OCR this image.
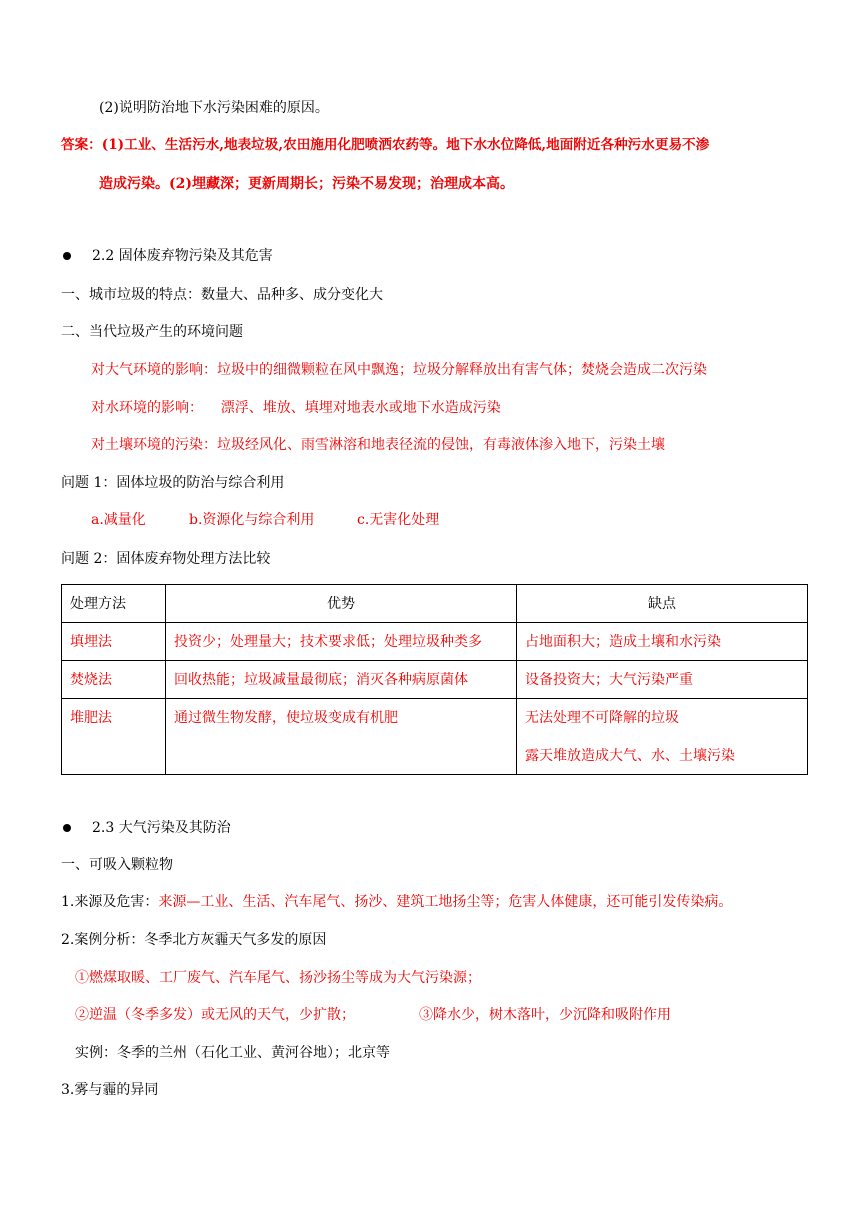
(2)说明防治地下水污染困难的原因。
答案：(1)工业、生活污水,地表垃圾,农田施用化肥喷洒农药等。地下水水位降低,地面附近各种污水更易不渗
造成污染。(2)埋藏深；更新周期长；污染不易发现；治理成本高。
2.2 固体废弃物污染及其危害
一、城市垃圾的特点：数量大、品种多、成分变化大
二、当代垃圾产生的环境问题
对大气环境的影响：垃圾中的细微颗粒在风中飘逸；垃圾分解释放出有害气体；焚烧会造成二次污染
对水环境的影响：    漂浮、堆放、填埋对地表水或地下水造成污染
对土壤环境的污染：垃圾经风化、雨雪淋溶和地表径流的侵蚀，有毒液体渗入地下，污染土壤
问题 1：固体垃圾的防治与综合利用
a.减量化	b.资源化与综合利用	c.无害化处理
问题 2：固体废弃物处理方法比较
处理方法	优势	缺点
填埋法	投资少；处理量大；技术要求低；处理垃圾种类多	占地面积大；造成土壤和水污染
焚烧法	回收热能；垃圾减量最彻底；消灭各种病原菌体	设备投资大；大气污染严重
堆肥法	通过微生物发酵，使垃圾变成有机肥	无法处理不可降解的垃圾
露天堆放造成大气、水、土壤污染
2.3 大气污染及其防治
一、可吸入颗粒物
1.来源及危害：来源—工业、生活、汽车尾气、扬沙、建筑工地扬尘等；危害人体健康，还可能引发传染病。
2.案例分析：冬季北方灰霾天气多发的原因
①燃煤取暖、工厂废气、汽车尾气、扬沙扬尘等成为大气污染源；
②逆温（冬季多发）或无风的天气，少扩散；	③降水少，树木落叶，少沉降和吸附作用
实例：冬季的兰州（石化工业、黄河谷地）；北京等
3.雾与霾的异同
